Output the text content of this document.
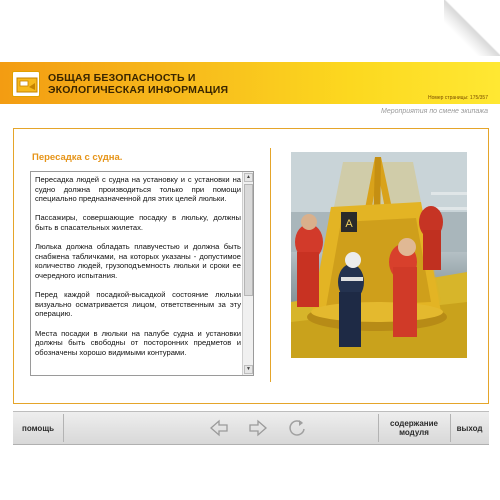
ОБЩАЯ БЕЗОПАСНОСТЬ И
ЭКОЛОГИЧЕСКАЯ ИНФОРМАЦИЯ
Номер страницы: 175/357
Мероприятия по смене экипажа
Пересадка с судна.

Пересадка людей с судна на установку и с установки на судно должна производиться только при помощи специально предназначенной для этих целей люльки.

Пассажиры, совершающие посадку в люльку, должны быть в спасательных жилетах.

Люлька должна обладать плавучестью и должна быть снабжена табличками, на которых указаны - допустимое количество людей, грузоподъемность люльки и сроки ее очередного испытания.

Перед каждой посадкой-высадкой состояние люльки визуально осматривается лицом, ответственным за эту операцию.

Места посадки в люльки на палубе судна и установки должны быть свободны от посторонних предметов и обозначены хорошо видимыми контурами.

▲
▼
A
помощь	содержание
модуля	выход
